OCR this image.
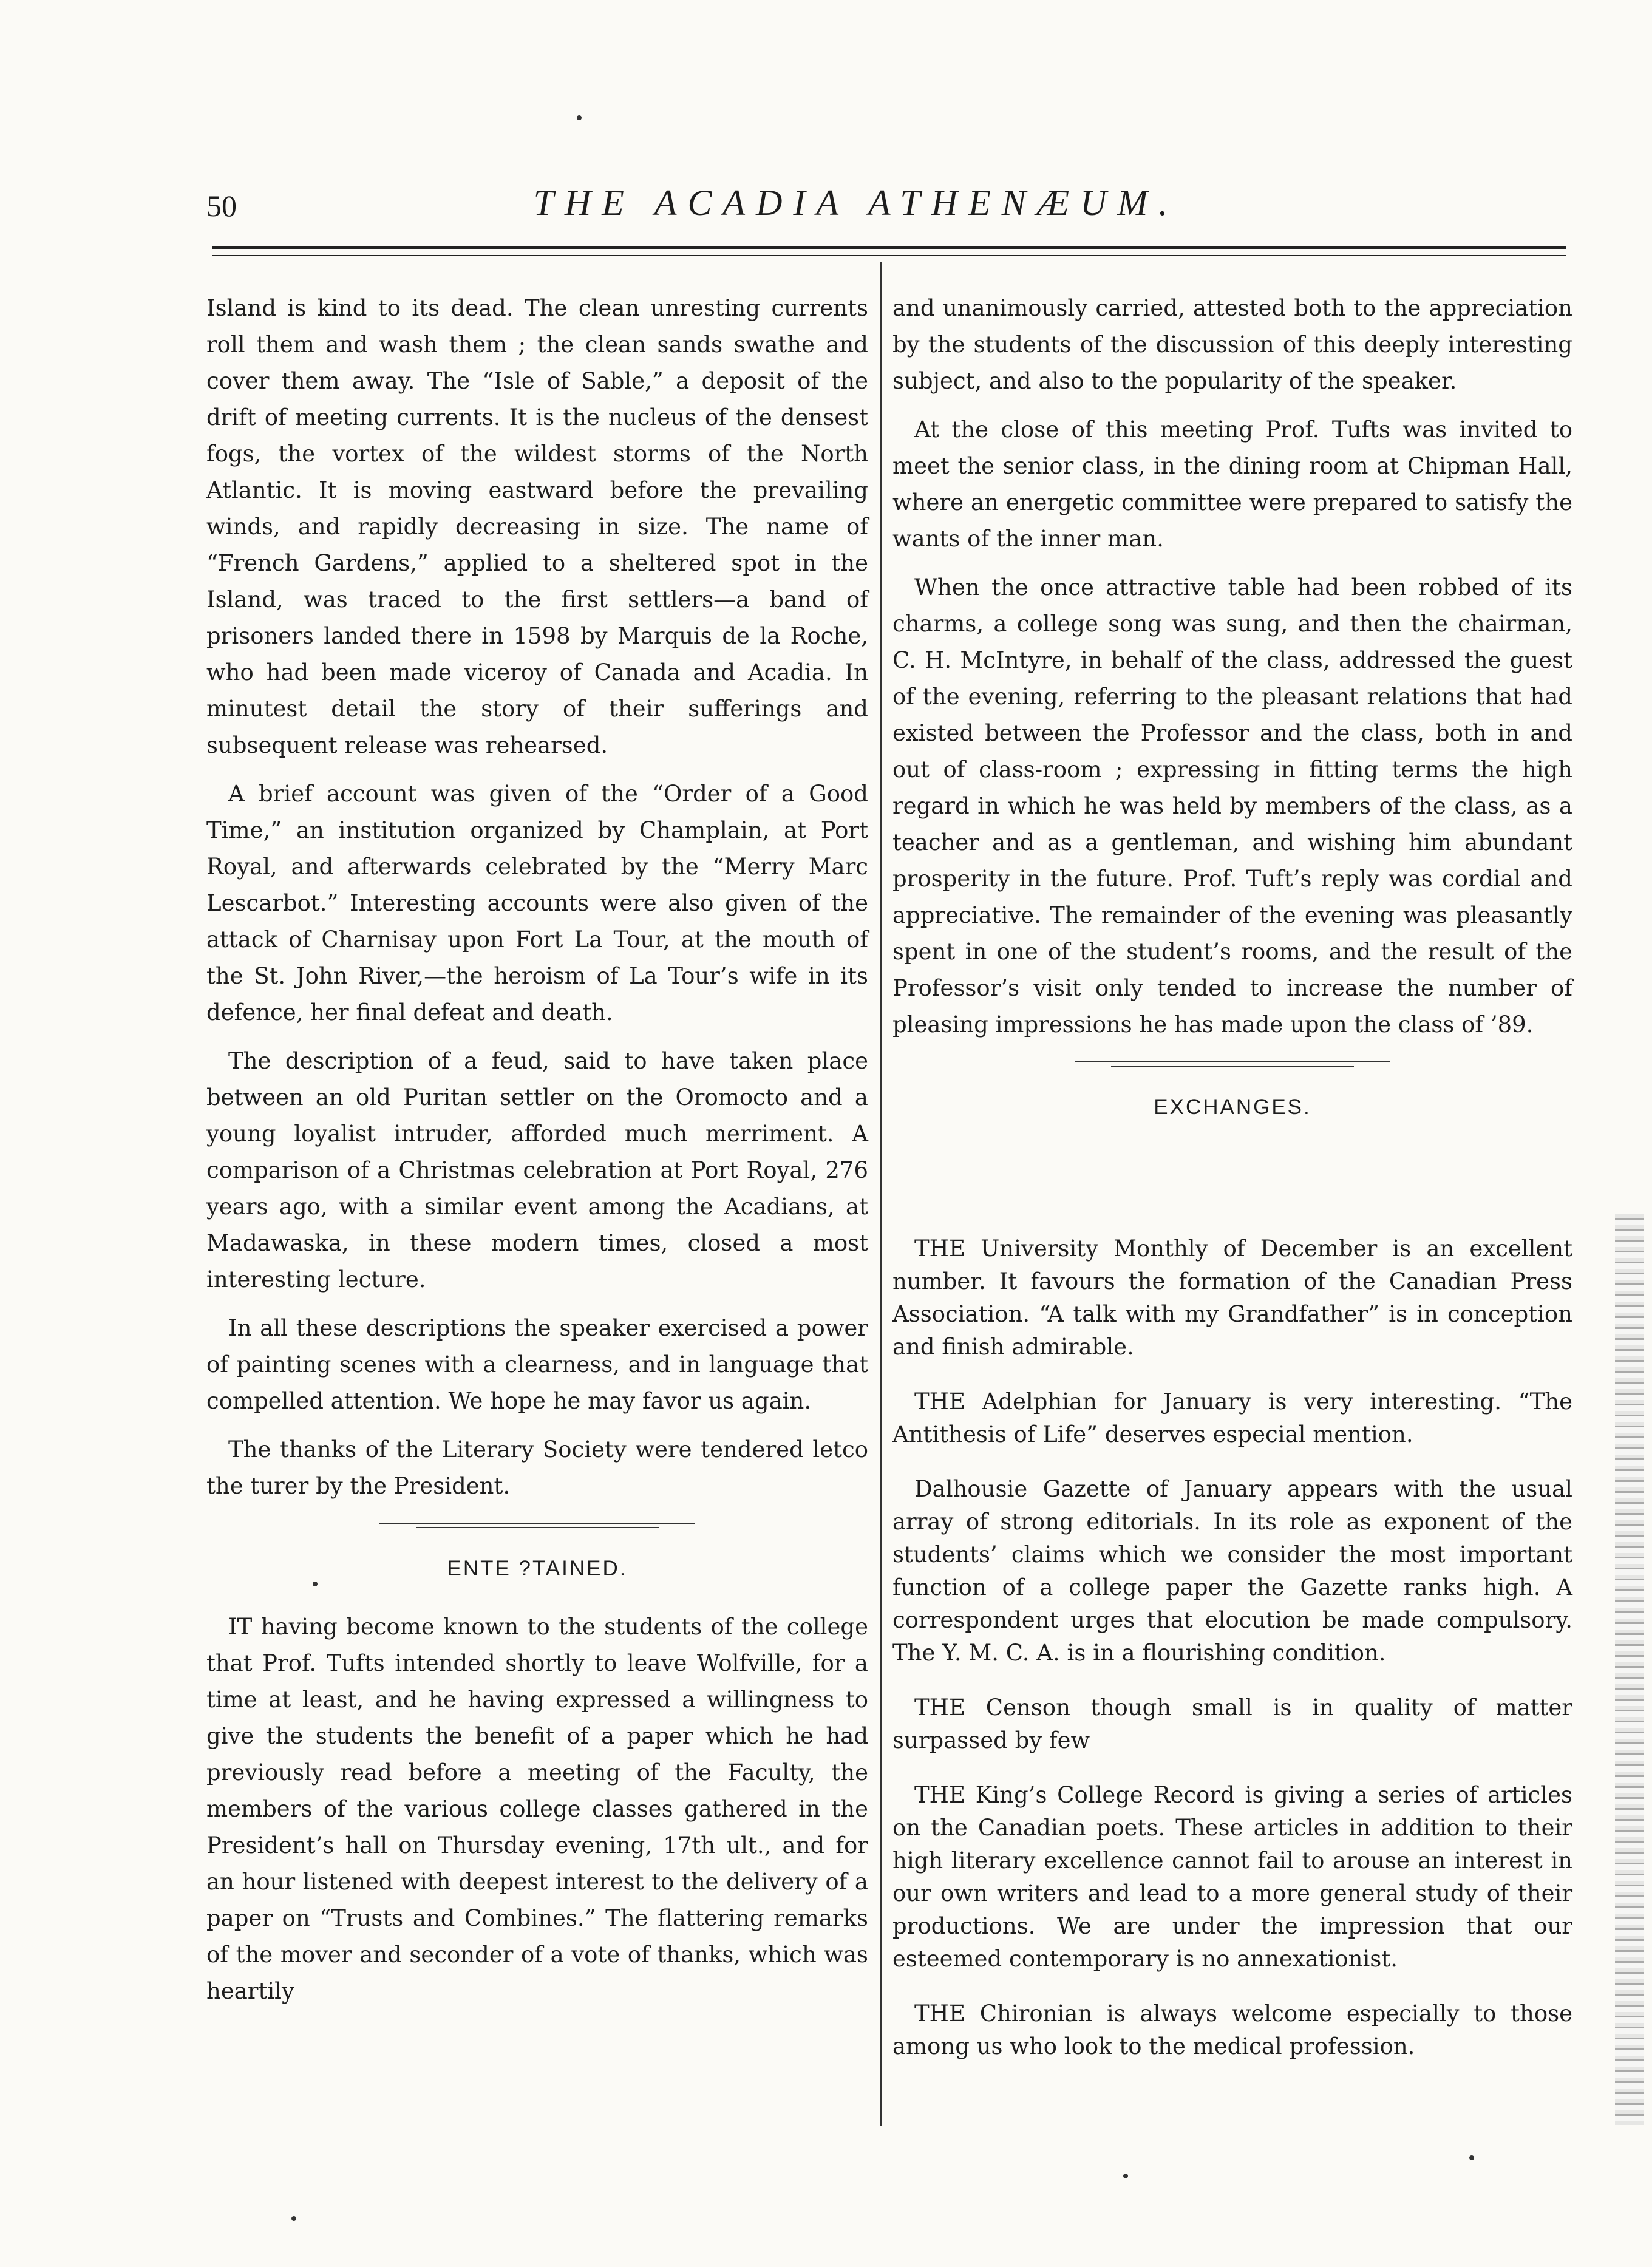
50	THE ACADIA ATHENÆUM.

Island is kind to its dead. The clean unresting currents roll them and wash them ; the clean sands swathe and cover them away. The “Isle of Sable,” a deposit of the drift of meeting currents. It is the nucleus of the densest fogs, the vortex of the wildest storms of the North Atlantic. It is moving eastward before the prevailing winds, and rapidly decreasing in size. The name of “French Gardens,” applied to a sheltered spot in the Island, was traced to the first settlers—a band of prisoners landed there in 1598 by Marquis de la Roche, who had been made viceroy of Canada and Acadia. In minutest detail the story of their sufferings and subsequent release was rehearsed.

A brief account was given of the “Order of a Good Time,” an institution organized by Champlain, at Port Royal, and afterwards celebrated by the “Merry Marc Lescarbot.” Interesting accounts were also given of the attack of Charnisay upon Fort La Tour, at the mouth of the St. John River,—the heroism of La Tour’s wife in its defence, her final defeat and death.

The description of a feud, said to have taken place between an old Puritan settler on the Oromocto and a young loyalist intruder, afforded much merriment. A comparison of a Christmas celebration at Port Royal, 276 years ago, with a similar event among the Acadians, at Madawaska, in these modern times, closed a most interesting lecture.

In all these descriptions the speaker exercised a power of painting scenes with a clearness, and in language that compelled attention. We hope he may favor us again.

The thanks of the Literary Society were tendered letco the turer by the President.

ENTE ?TAINED.

IT having become known to the students of the college that Prof. Tufts intended shortly to leave Wolfville, for a time at least, and he having expressed a willingness to give the students the benefit of a paper which he had previously read before a meeting of the Faculty, the members of the various college classes gathered in the President’s hall on Thursday evening, 17th ult., and for an hour listened with deepest interest to the delivery of a paper on “Trusts and Combines.” The flattering remarks of the mover and seconder of a vote of thanks, which was heartily

and unanimously carried, attested both to the appreciation by the students of the discussion of this deeply interesting subject, and also to the popularity of the speaker.

At the close of this meeting Prof. Tufts was invited to meet the senior class, in the dining room at Chipman Hall, where an energetic committee were prepared to satisfy the wants of the inner man.

When the once attractive table had been robbed of its charms, a college song was sung, and then the chairman, C. H. McIntyre, in behalf of the class, addressed the guest of the evening, referring to the pleasant relations that had existed between the Professor and the class, both in and out of class-room ; expressing in fitting terms the high regard in which he was held by members of the class, as a teacher and as a gentleman, and wishing him abundant prosperity in the future. Prof. Tuft’s reply was cordial and appreciative. The remainder of the evening was pleasantly spent in one of the student’s rooms, and the result of the Professor’s visit only tended to increase the number of pleasing impressions he has made upon the class of ’89.

EXCHANGES.

THE University Monthly of December is an excellent number. It favours the formation of the Canadian Press Association. “A talk with my Grandfather” is in conception and finish admirable.

THE Adelphian for January is very interesting. “The Antithesis of Life” deserves especial mention.

Dalhousie Gazette of January appears with the usual array of strong editorials. In its role as exponent of the students’ claims which we consider the most important function of a college paper the Gazette ranks high. A correspondent urges that elocution be made compulsory. The Y. M. C. A. is in a flourishing condition.

THE Censon though small is in quality of matter surpassed by few

THE King’s College Record is giving a series of articles on the Canadian poets. These articles in addition to their high literary excellence cannot fail to arouse an interest in our own writers and lead to a more general study of their productions. We are under the impression that our esteemed contemporary is no annexationist.

THE Chironian is always welcome especially to those among us who look to the medical profession.
